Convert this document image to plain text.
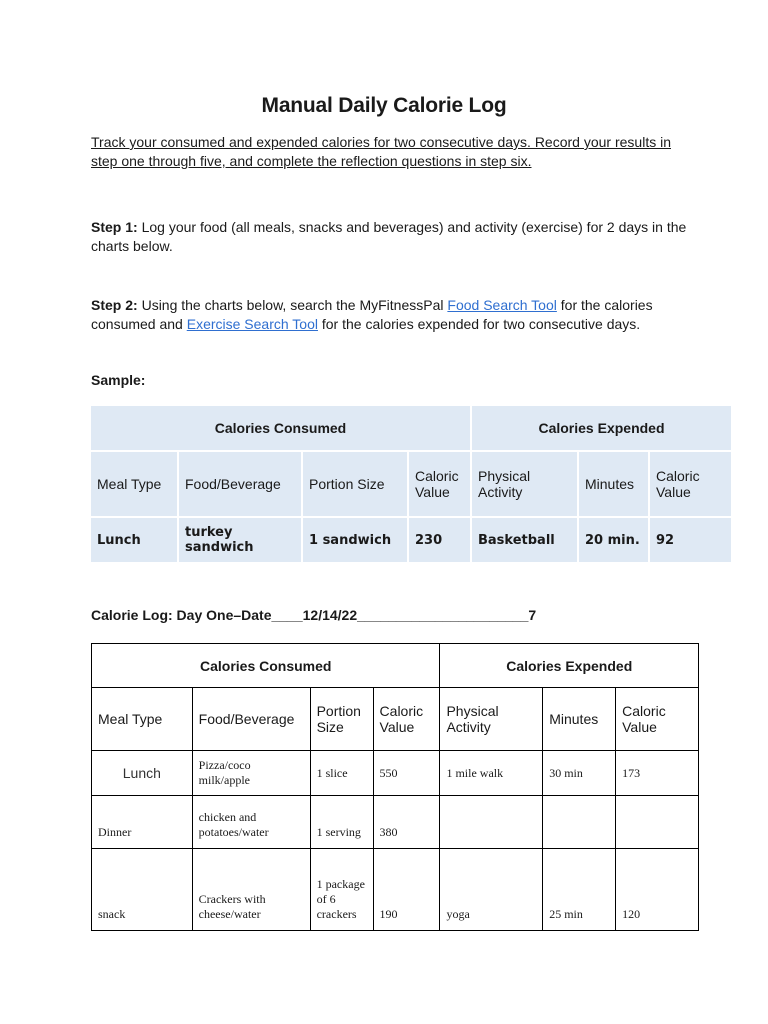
Manual Daily Calorie Log
Track your consumed and expended calories for two consecutive days. Record your results in step one through five, and complete the reflection questions in step six.
Step 1: Log your food (all meals, snacks and beverages) and activity (exercise) for 2 days in the charts below.
Step 2: Using the charts below, search the MyFitnessPal Food Search Tool for the calories consumed and Exercise Search Tool for the calories expended for two consecutive days.
Sample:
Calories Consumed				Calories Expended		
Meal Type	Food/Beverage	Portion Size	Caloric Value	Physical Activity	Minutes	Caloric Value
Lunch	turkey sandwich	1 sandwich	230	Basketball	20 min.	92
Calorie Log: Day One–Date____12/14/22______________________7
Calories Consumed				Calories Expended		
Meal Type	Food/Beverage	Portion Size	Caloric Value	Physical Activity	Minutes	Caloric Value
Lunch	Pizza/coco milk/apple	1 slice	550	1 mile walk	30 min	173
Dinner	chicken and potatoes/water	1 serving	380			
snack	Crackers with cheese/water	1 package of 6 crackers	190	yoga	25 min	120
